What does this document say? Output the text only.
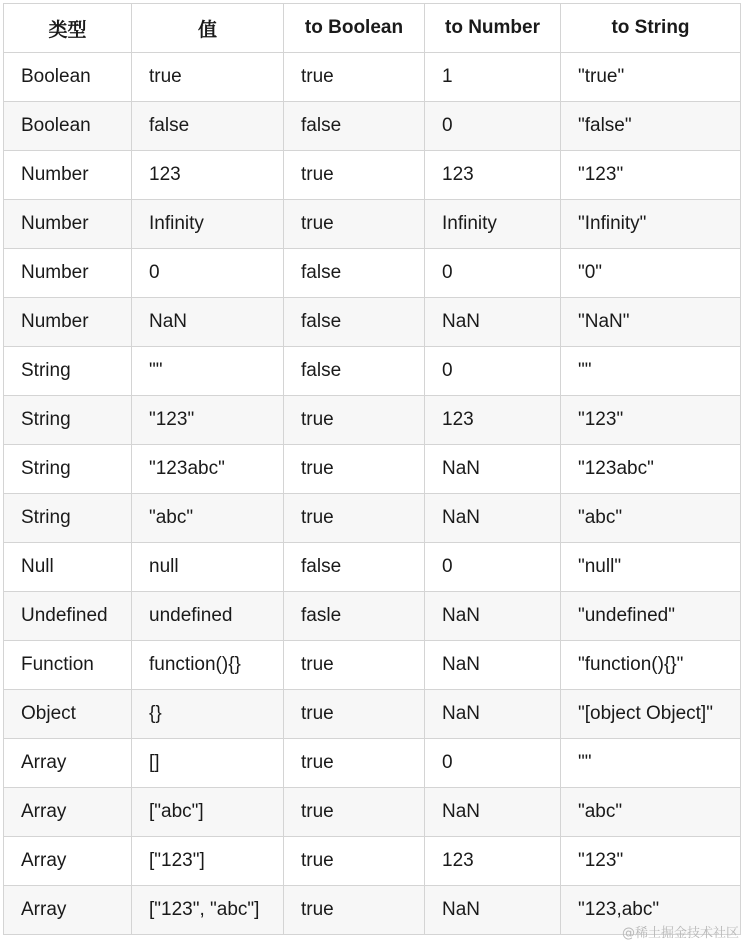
类型	值	to Boolean	to Number	to String
Boolean	true	true	1	"true"
Boolean	false	false	0	"false"
Number	123	true	123	"123"
Number	Infinity	true	Infinity	"Infinity"
Number	0	false	0	"0"
Number	NaN	false	NaN	"NaN"
String	""	false	0	""
String	"123"	true	123	"123"
String	"123abc"	true	NaN	"123abc"
String	"abc"	true	NaN	"abc"
Null	null	false	0	"null"
Undefined	undefined	fasle	NaN	"undefined"
Function	function(){}	true	NaN	"function(){}"
Object	{}	true	NaN	"[object Object]"
Array	[]	true	0	""
Array	["abc"]	true	NaN	"abc"
Array	["123"]	true	123	"123"
Array	["123", "abc"]	true	NaN	"123,abc"
@稀土掘金技术社区
